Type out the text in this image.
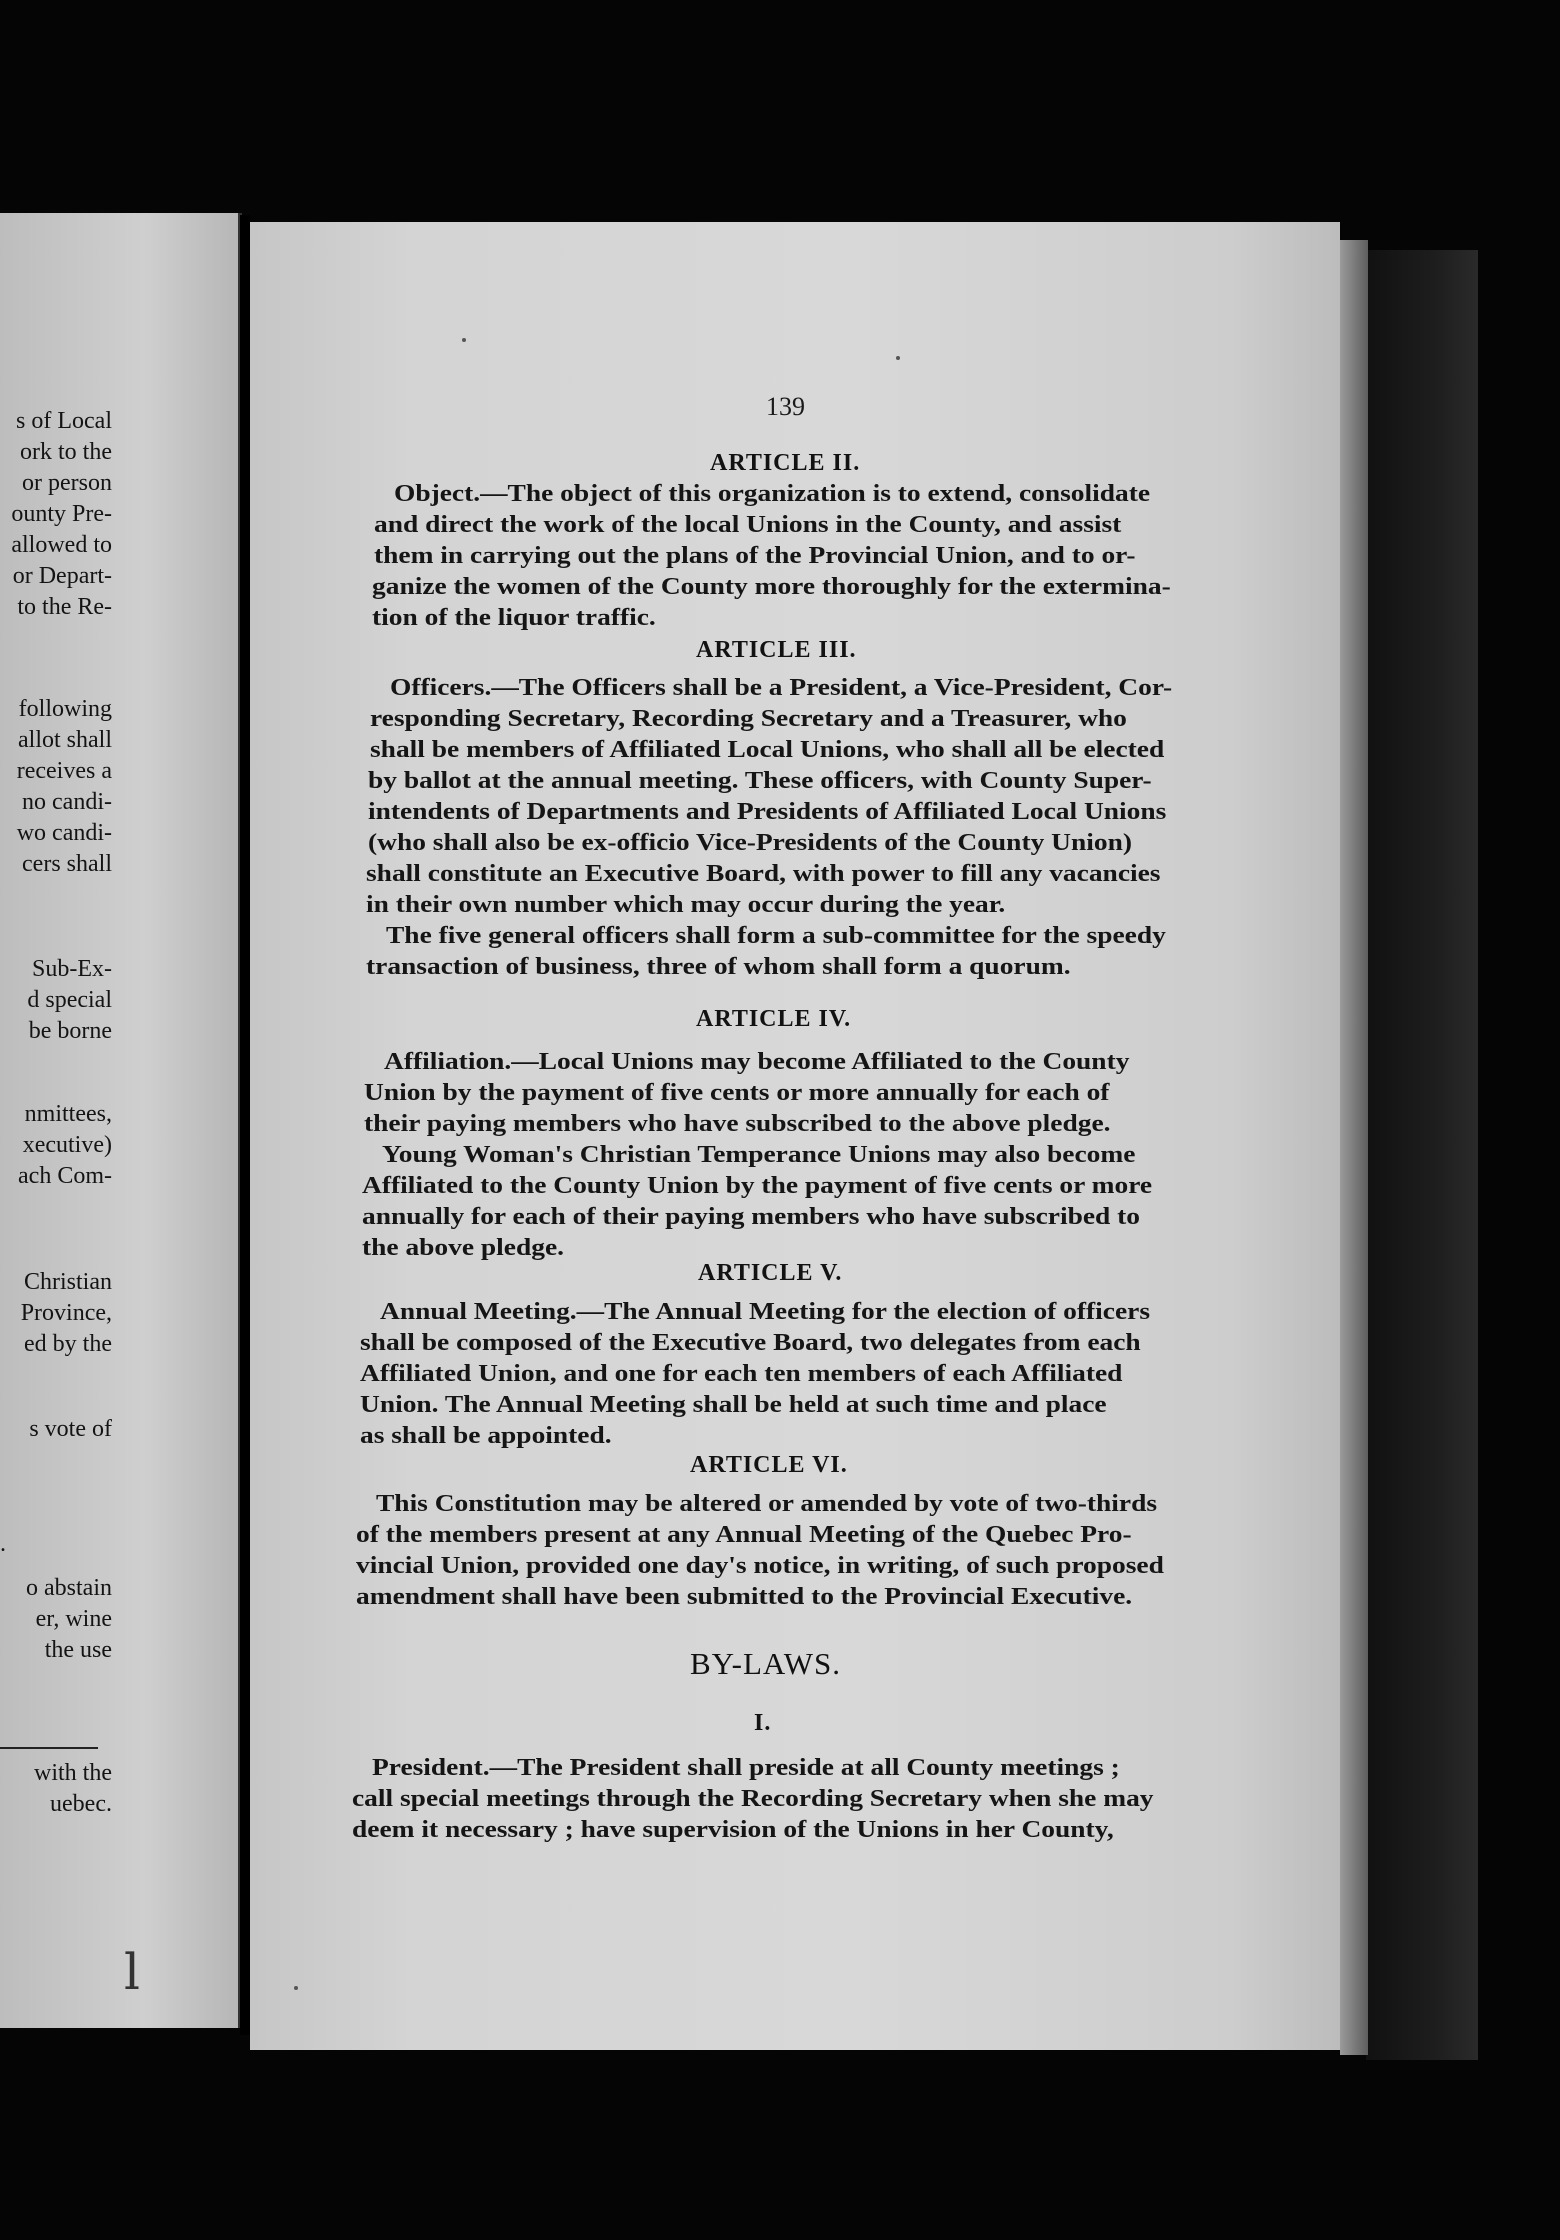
s of Local
ork to the
or person
ounty Pre-
allowed to
or Depart-
to the Re-
following
allot shall
receives a
no candi-
wo candi-
cers shall
Sub-Ex-
d special
be borne
nmittees,
xecutive)
ach Com-
Christian
Province,
ed by the
s vote of
.
o abstain
er, wine
the use
with the
uebec.
ⅼ
139
ARTICLE II.
Object.—The object of this organization is to extend, consolidate
and direct the work of the local Unions in the County, and assist
them in carrying out the plans of the Provincial Union, and to or-
ganize the women of the County more thoroughly for the extermina-
tion of the liquor traffic.
ARTICLE III.
Officers.—The Officers shall be a President, a Vice-President, Cor-
responding Secretary, Recording Secretary and a Treasurer, who
shall be members of Affiliated Local Unions, who shall all be elected
by ballot at the annual meeting. These officers, with County Super-
intendents of Departments and Presidents of Affiliated Local Unions
(who shall also be ex-officio Vice-Presidents of the County Union)
shall constitute an Executive Board, with power to fill any vacancies
in their own number which may occur during the year.
The five general officers shall form a sub-committee for the speedy
transaction of business, three of whom shall form a quorum.
ARTICLE IV.
Affiliation.—Local Unions may become Affiliated to the County
Union by the payment of five cents or more annually for each of
their paying members who have subscribed to the above pledge.
Young Woman's Christian Temperance Unions may also become
Affiliated to the County Union by the payment of five cents or more
annually for each of their paying members who have subscribed to
the above pledge.
ARTICLE V.
Annual Meeting.—The Annual Meeting for the election of officers
shall be composed of the Executive Board, two delegates from each
Affiliated Union, and one for each ten members of each Affiliated
Union. The Annual Meeting shall be held at such time and place
as shall be appointed.
ARTICLE VI.
This Constitution may be altered or amended by vote of two-thirds
of the members present at any Annual Meeting of the Quebec Pro-
vincial Union, provided one day's notice, in writing, of such proposed
amendment shall have been submitted to the Provincial Executive.
BY-LAWS.
I.
President.—The President shall preside at all County meetings ;
call special meetings through the Recording Secretary when she may
deem it necessary ; have supervision of the Unions in her County,
